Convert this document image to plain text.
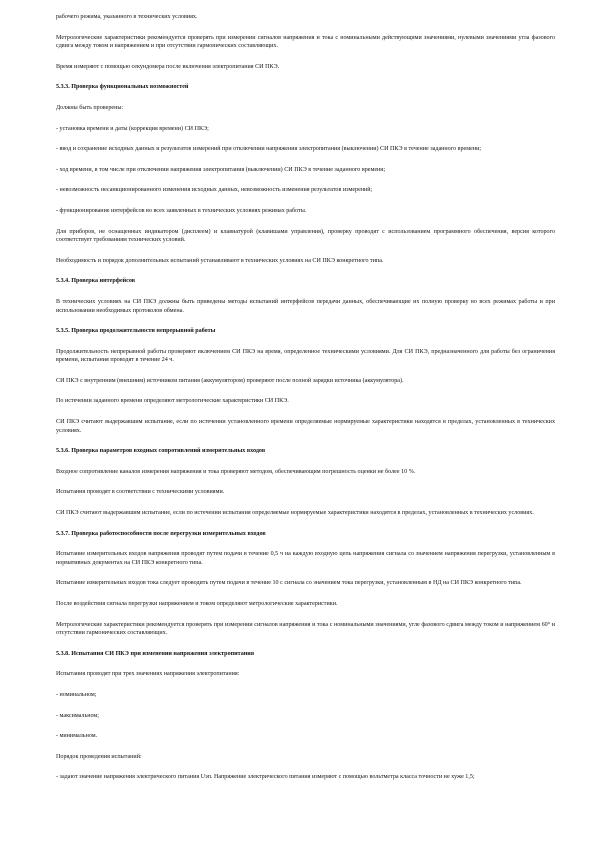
рабочего режима, указанного в технических условиях.

Метрологические характеристики рекомендуется проверять при измерении сигналов напряжения и тока с номинальными действующими значениями, нулевыми значениями угла фазового сдвига между током и напряжением и при отсутствии гармонических составляющих.

Время измеряют с помощью секундомера после включения электропитания СИ ПКЭ.

5.3.3. Проверка функциональных возможностей

Должны быть проверены:

- установка времени и даты (коррекция времени) СИ ПКЭ;

- ввод и сохранение исходных данных и результатов измерений при отключении напряжения электропитания (выключении) СИ ПКЭ в течение заданного времени;

- ход времени, в том числе при отключении напряжения электропитания (выключении) СИ ПКЭ в течение заданного времени;

- невозможность несанкционированного изменения исходных данных, невозможность изменения результатов измерений;

- функционирование интерфейсов во всех заявленных в технических условиях режимах работы.

Для приборов, не оснащенных индикатором (дисплеем) и клавиатурой (клавишами управления), проверку проводят с использованием программного обеспечения, версия которого соответствует требованиям технических условий.

Необходимость и порядок дополнительных испытаний устанавливают в технических условиях на СИ ПКЭ конкретного типа.

5.3.4. Проверка интерфейсов

В технических условиях на СИ ПКЭ должны быть приведены методы испытаний интерфейсов передачи данных, обеспечивающие их полную проверку во всех режимах работы и при использовании необходимых протоколов обмена.

5.3.5. Проверка продолжительности непрерывной работы

Продолжительность непрерывной работы проверяют включением СИ ПКЭ на время, определенное техническими условиями. Для СИ ПКЭ, предназначенного для работы без ограничения времени, испытания проводят в течение 24 ч.

СИ ПКЭ с внутренним (внешним) источником питания (аккумулятором) проверяют после полной зарядки источника (аккумулятора).

По истечении заданного времени определяют метрологические характеристики СИ ПКЭ.

СИ ПКЭ считают выдержавшим испытание, если по истечении установленного времени определяемые нормируемые характеристики находятся в пределах, установленных в технических условиях.

5.3.6. Проверка параметров входных сопротивлений измерительных входов

Входное сопротивление каналов измерения напряжения и тока проверяют методом, обеспечивающим погрешность оценки не более 10 %.

Испытания проводят в соответствии с техническими условиями.

СИ ПКЭ считают выдержавшим испытание, если по истечении испытания определяемые нормируемые характеристики находятся в пределах, установленных в технических условиях.

5.3.7. Проверка работоспособности после перегрузки измерительных входов

Испытание измерительных входов напряжения проводят путем подачи в течение 0,5 ч на каждую входную цепь напряжения сигнала со значением напряжения перегрузки, установленным в нормативных документах на СИ ПКЭ конкретного типа.

Испытание измерительных входов тока следует проводить путем подачи в течение 10 с сигнала со значением тока перегрузки, установленным в НД на СИ ПКЭ конкретного типа.

После воздействия сигнала перегрузки напряжением и током определяют метрологические характеристики.

Метрологические характеристики рекомендуется проверять при измерении сигналов напряжения и тока с номинальными значениями, угле фазового сдвига между током и напряжением 60° и отсутствии гармонических составляющих.

5.3.8. Испытания СИ ПКЭ при изменении напряжения электропитания

Испытания проводят при трех значениях напряжения электропитания:

- номинальном;

- максимальном;

- минимальном.

Порядок проведения испытаний:

- задают значение напряжения электрического питания Uэп. Напряжение электрического питания измеряют с помощью вольтметра класса точности не хуже 1,5;
